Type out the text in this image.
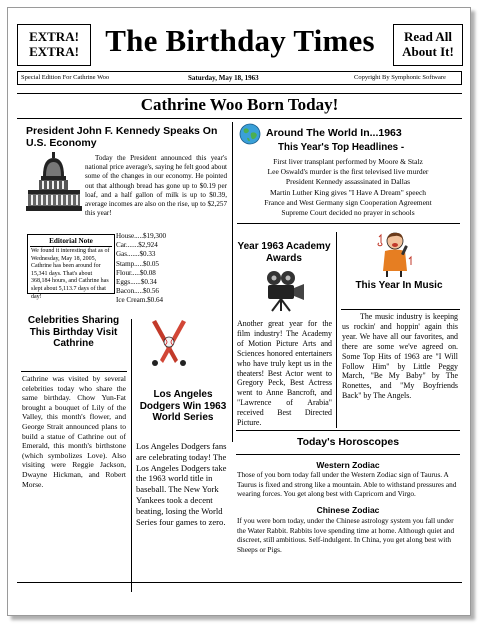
EXTRA! EXTRA! The Birthday Times	Read All About It!
Special Edition For Cathrine Woo	Saturday, May 18, 1963	Copyright By Symphonic Software
Cathrine Woo Born Today!
President John F. Kennedy Speaks On U.S. Economy
Today the President announced this year's national price average's, saying he felt good about some of the changes in our economy. He pointed out that although bread has gone up to $0.19 per loaf, and a half gallon of milk is up to $0.39, average incomes are also on the rise, up to $2,257 this year!
Editorial Note
We found it interesting that as of Wednesday, May 18, 2005, Cathrine has been around for 15,341 days. That's about 368,184 hours, and Cathrine has slept about 5,113.7 days of that day!
House.....$19,300
Car.......$2,924
Gas.......$0.33
Stamp.....$0.05
Flour.....$0.08
Eggs......$0.34
Bacon.....$0.56
Ice Cream.$0.64
Celebrities Sharing This Birthday Visit Cathrine
Cathrine was visited by several celebrities today who share the same birthday. Chow Yun-Fat brought a bouquet of Lily of the Valley, this month's flower, and George Strait announced plans to build a statue of Cathrine out of Emerald, this month's birthstone (which symbolizes Love). Also visiting were Reggie Jackson, Dwayne Hickman, and Robert Morse.
Los Angeles Dodgers Win 1963 World Series
Los Angeles Dodgers fans are celebrating today! The Los Angeles Dodgers take the 1963 world title in baseball. The New York Yankees took a decent beating, losing the World Series four games to zero.
Around The World In...1963
This Year's Top Headlines -
First liver transplant performed by Moore & Stalz
Lee Oswald's murder is the first televised live murder
President Kennedy assassinated in Dallas
Martin Luther King gives "I Have A Dream" speech
France and West Germany sign Cooperation Agreement
Supreme Court decided no prayer in schools
Year 1963 Academy Awards
Another great year for the film industry! The Academy of Motion Picture Arts and Sciences honored entertainers who have truly kept us in the theaters! Best Actor went to Gregory Peck, Best Actress went to Anne Bancroft, and "Lawrence of Arabia" received Best Directed Picture.
This Year In Music
The music industry is keeping us rockin' and hoppin' again this year. We have all our favorites, and there are some we've agreed on. Some Top Hits of 1963 are "I Will Follow Him" by Little Peggy March, "Be My Baby" by The Ronettes, and "My Boyfriends Back" by The Angels.
Today's Horoscopes
Western Zodiac
Those of you born today fall under the Western Zodiac sign of Taurus. A Taurus is fixed and strong like a mountain. Able to withstand pressures and wearing forces. You get along best with Capricorn and Virgo.
Chinese Zodiac
If you were born today, under the Chinese astrology system you fall under the Water Rabbit. Rabbits love spending time at home. Although quiet and discreet, still ambitious. Self-indulgent. In China, you get along best with Sheeps or Pigs.
